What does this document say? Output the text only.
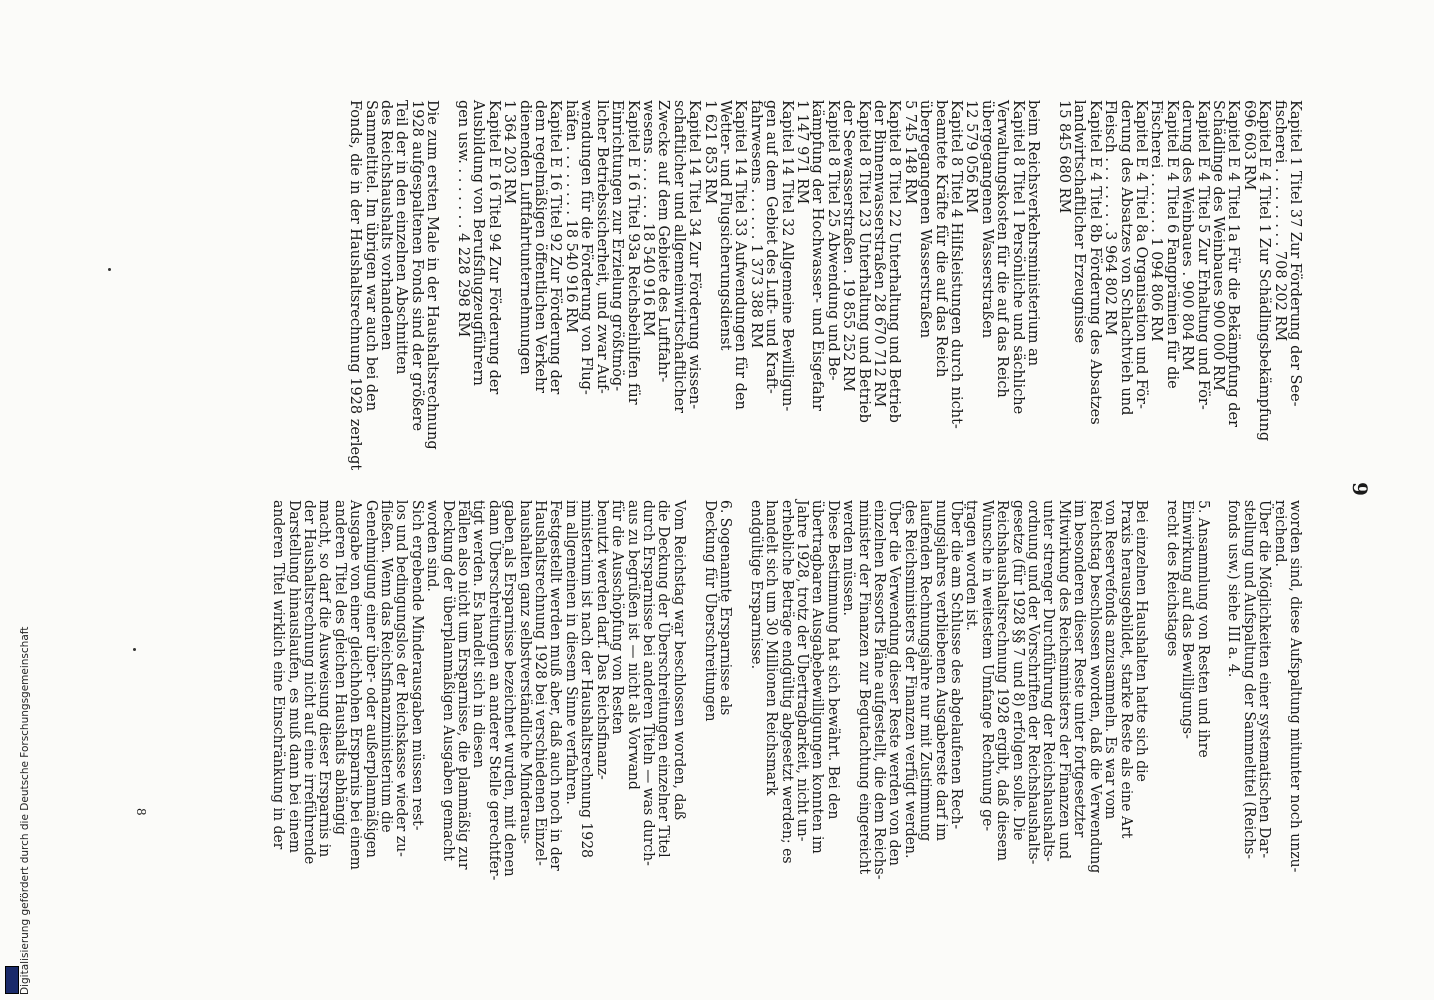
Digitalisierung gefördert durch die Deutsche Forschungsgemeinschaft
9
8
Kapitel 1 Titel 37 Zur Förderung der See-
fischerei . . . . . . . . . 708 202 RM
Kapitel E 4 Titel 1 Zur Schädlingsbekämpfung
696 603 RM
Kapitel E 4 Titel 1a Für die Bekämpfung der
Schädlinge des Weinbaues 900 000 RM
Kapitel E 4 Titel 5 Zur Erhaltung und För-
derung des Weinbaues . 900 804 RM
Kapitel E 4 Titel 6 Fangprämien für die
Fischerei . . . . . . . 1 094 806 RM
Kapitel E 4 Titel 8a Organisation und För-
derung des Absatzes von Schlachtvieh und
Fleisch . . . . . . . . 3 964 802 RM
Kapitel E 4 Titel 8b Förderung des Absatzes
landwirtschaftlicher Erzeugnisse
15 845 680 RM

beim Reichsverkehrsministerium an
Kapitel 8 Titel 1 Persönliche und sächliche
Verwaltungskosten für die auf das Reich
übergegangenen Wasserstraßen
12 579 056 RM
Kapitel 8 Titel 4 Hilfsleistungen durch nicht-
beamtete Kräfte für die auf das Reich
übergegangenen Wasserstraßen
5 745 148 RM
Kapitel 8 Titel 22 Unterhaltung und Betrieb
der Binnenwasserstraßen 28 670 712 RM
Kapitel 8 Titel 23 Unterhaltung und Betrieb
der Seewasserstraßen . 19 855 252 RM
Kapitel 8 Titel 25 Abwendung und Be-
kämpfung der Hochwasser- und Eisgefahr
1 147 971 RM
Kapitel 14 Titel 32 Allgemeine Bewilligun-
gen auf dem Gebiet des Luft- und Kraft-
fahrwesens . . . . . . 1 373 388 RM
Kapitel 14 Titel 33 Aufwendungen für den
Wetter- und Flugsicherungsdienst
1 621 853 RM
Kapitel 14 Titel 34 Zur Förderung wissen-
schaftlicher und allgemeinwirtschaftlicher
Zwecke auf dem Gebiete des Luftfahr-
wesens . . . . . . . 18 540 916 RM
Kapitel E 16 Titel 93a Reichsbeihilfen für
Einrichtungen zur Erzielung größtmög-
licher Betriebssicherheit, und zwar Auf-
wendungen für die Förderung von Flug-
häfen . . . . . . . . 18 540 916 RM
Kapitel E 16 Titel 92 Zur Förderung der
dem regelmäßigen öffentlichen Verkehr
dienenden Luftfahrtunternehmungen
1 364 203 RM
Kapitel E 16 Titel 94 Zur Förderung der
Ausbildung von Berufsflugzeugführern
gen usw. . . . . . . . 4 228 298 RM

Die zum ersten Male in der Haushaltsrechnung
1928 aufgespaltenen Fonds sind der größere
Teil der in den einzelnen Abschnitten
des Reichshaushalts vorhandenen
Sammeltitel. Im übrigen war auch bei den
Fonds, die in der Haushaltsrechnung 1928 zerlegt
worden sind, diese Aufspaltung mitunter noch unzu-
reichend.
Über die Möglichkeiten einer systematischen Dar-
stellung und Aufspaltung der Sammeltitel (Reichs-
fonds usw.) siehe III a. 4.

5. Ansammlung von Resten und ihre
Einwirkung auf das Bewilligungs-
recht des Reichstages

Bei einzelnen Haushalten hatte sich die
Praxis herausgebildet, starke Reste als eine Art
von Reservefonds anzusammeln. Es war vom
Reichstag beschlossen worden, daß die Verwendung
im besonderen dieser Reste unter fortgesetzter
Mitwirkung des Reichsministers der Finanzen und
unter strenger Durchführung der Reichshaushalts-
ordnung und der Vorschriften der Reichshaushalts-
gesetze (für 1928 §§ 7 und 8) erfolgen solle. Die
Reichshaushaltsrechnung 1928 ergibt, daß diesem
Wunsche in weitestem Umfange Rechnung ge-
tragen worden ist.
Über die am Schlusse des abgelaufenen Rech-
nungsjahres verbliebenen Ausgabereste darf im
laufenden Rechnungsjahre nur mit Zustimmung
des Reichsministers der Finanzen verfügt werden.
Über die Verwendung dieser Reste werden von den
einzelnen Ressorts Pläne aufgestellt, die dem Reichs-
minister der Finanzen zur Begutachtung eingereicht
werden müssen.
Diese Bestimmung hat sich bewährt. Bei den
übertragbaren Ausgabebewilligungen konnten im
Jahre 1928, trotz der Übertragbarkeit, nicht un-
erhebliche Beträge endgültig abgesetzt werden; es
handelt sich um 30 Millionen Reichsmark
endgültige Ersparnisse.

6. Sogenannte Ersparnisse als
Deckung für Überschreitungen

Vom Reichstag war beschlossen worden, daß
die Deckung der Überschreitungen einzelner Titel
durch Ersparnisse bei anderen Titeln — was durch-
aus zu begrüßen ist — nicht als Vorwand
für die Ausschöpfung von Resten
benutzt werden darf. Das Reichsfinanz-
ministerium ist nach der Haushaltsrechnung 1928
im allgemeinen in diesem Sinne verfahren.
Festgestellt werden muß aber, daß auch noch in der
Haushaltsrechnung 1928 bei verschiedenen Einzel-
haushalten ganz selbstverständliche Minderaus-
gaben als Ersparnisse bezeichnet wurden, mit denen
dann Überschreitungen an anderer Stelle gerechtfer-
tigt werden. Es handelt sich in diesen
Fällen also nicht um Ersparnisse, die planmäßig zur
Deckung der überplanmäßigen Ausgaben gemacht
worden sind.
Sich ergebende Minderausgaben müssen rest-
los und bedingungslos der Reichskasse wieder zu-
fließen. Wenn das Reichsfinanzministerium die
Genehmigung einer über- oder außerplanmäßigen
Ausgabe von einer gleichhohen Ersparnis bei einem
anderen Titel des gleichen Haushalts abhängig
macht, so darf die Ausweisung dieser Ersparnis in
der Haushaltsrechnung nicht auf eine irreführende
Darstellung hinauslaufen, es muß dann bei einem
anderen Titel wirklich eine Einschränkung in der
